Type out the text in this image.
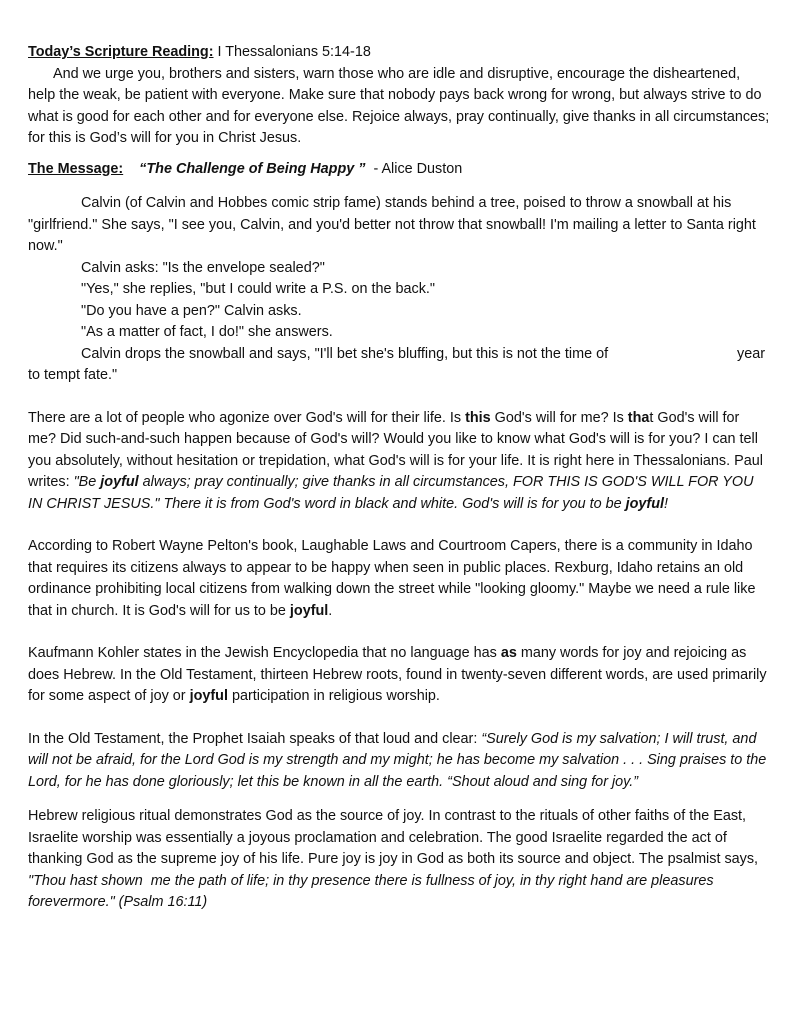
Today’s Scripture Reading: I Thessalonians 5:14-18

And we urge you, brothers and sisters, warn those who are idle and disruptive, encourage the disheartened, help the weak, be patient with everyone. Make sure that nobody pays back wrong for wrong, but always strive to do what is good for each other and for everyone else. Rejoice always, pray continually, give thanks in all circumstances; for this is God’s will for you in Christ Jesus.

The Message: “The Challenge of Being Happy ” - Alice Duston

Calvin (of Calvin and Hobbes comic strip fame) stands behind a tree, poised to throw a snowball at his "girlfriend." She says, "I see you, Calvin, and you'd better not throw that snowball! I'm mailing a letter to Santa right now."

Calvin asks: "Is the envelope sealed?"

"Yes," she replies, "but I could write a P.S. on the back."

"Do you have a pen?" Calvin asks.

"As a matter of fact, I do!" she answers.

Calvin drops the snowball and says, "I'll bet she's bluffing, but this is not the time of	year

to tempt fate."

There are a lot of people who agonize over God's will for their life. Is this God's will for me? Is that God's will for me? Did such-and-such happen because of God's will? Would you like to know what God's will is for you? I can tell you absolutely, without hesitation or trepidation, what God's will is for your life. It is right here in Thessalonians. Paul writes: "Be joyful always; pray continually; give thanks in all circumstances, FOR THIS IS GOD'S WILL FOR YOU IN CHRIST JESUS." There it is from God's word in black and white. God's will is for you to be joyful!

According to Robert Wayne Pelton's book, Laughable Laws and Courtroom Capers, there is a community in Idaho that requires its citizens always to appear to be happy when seen in public places. Rexburg, Idaho retains an old ordinance prohibiting local citizens from walking down the street while "looking gloomy." Maybe we need a rule like that in church. It is God's will for us to be joyful.

Kaufmann Kohler states in the Jewish Encyclopedia that no language has as many words for joy and rejoicing as does Hebrew. In the Old Testament, thirteen Hebrew roots, found in twenty-seven different words, are used primarily for some aspect of joy or joyful participation in religious worship.

In the Old Testament, the Prophet Isaiah speaks of that loud and clear: “Surely God is my salvation; I will trust, and will not be afraid, for the Lord God is my strength and my might; he has become my salvation . . . Sing praises to the Lord, for he has done gloriously; let this be known in all the earth. “Shout aloud and sing for joy.”

Hebrew religious ritual demonstrates God as the source of joy. In contrast to the rituals of other faiths of the East, Israelite worship was essentially a joyous proclamation and celebration. The good Israelite regarded the act of thanking God as the supreme joy of his life. Pure joy is joy in God as both its source and object. The psalmist says, "Thou hast shown  me the path of life; in thy presence there is fullness of joy, in thy right hand are pleasures forevermore." (Psalm 16:11)
